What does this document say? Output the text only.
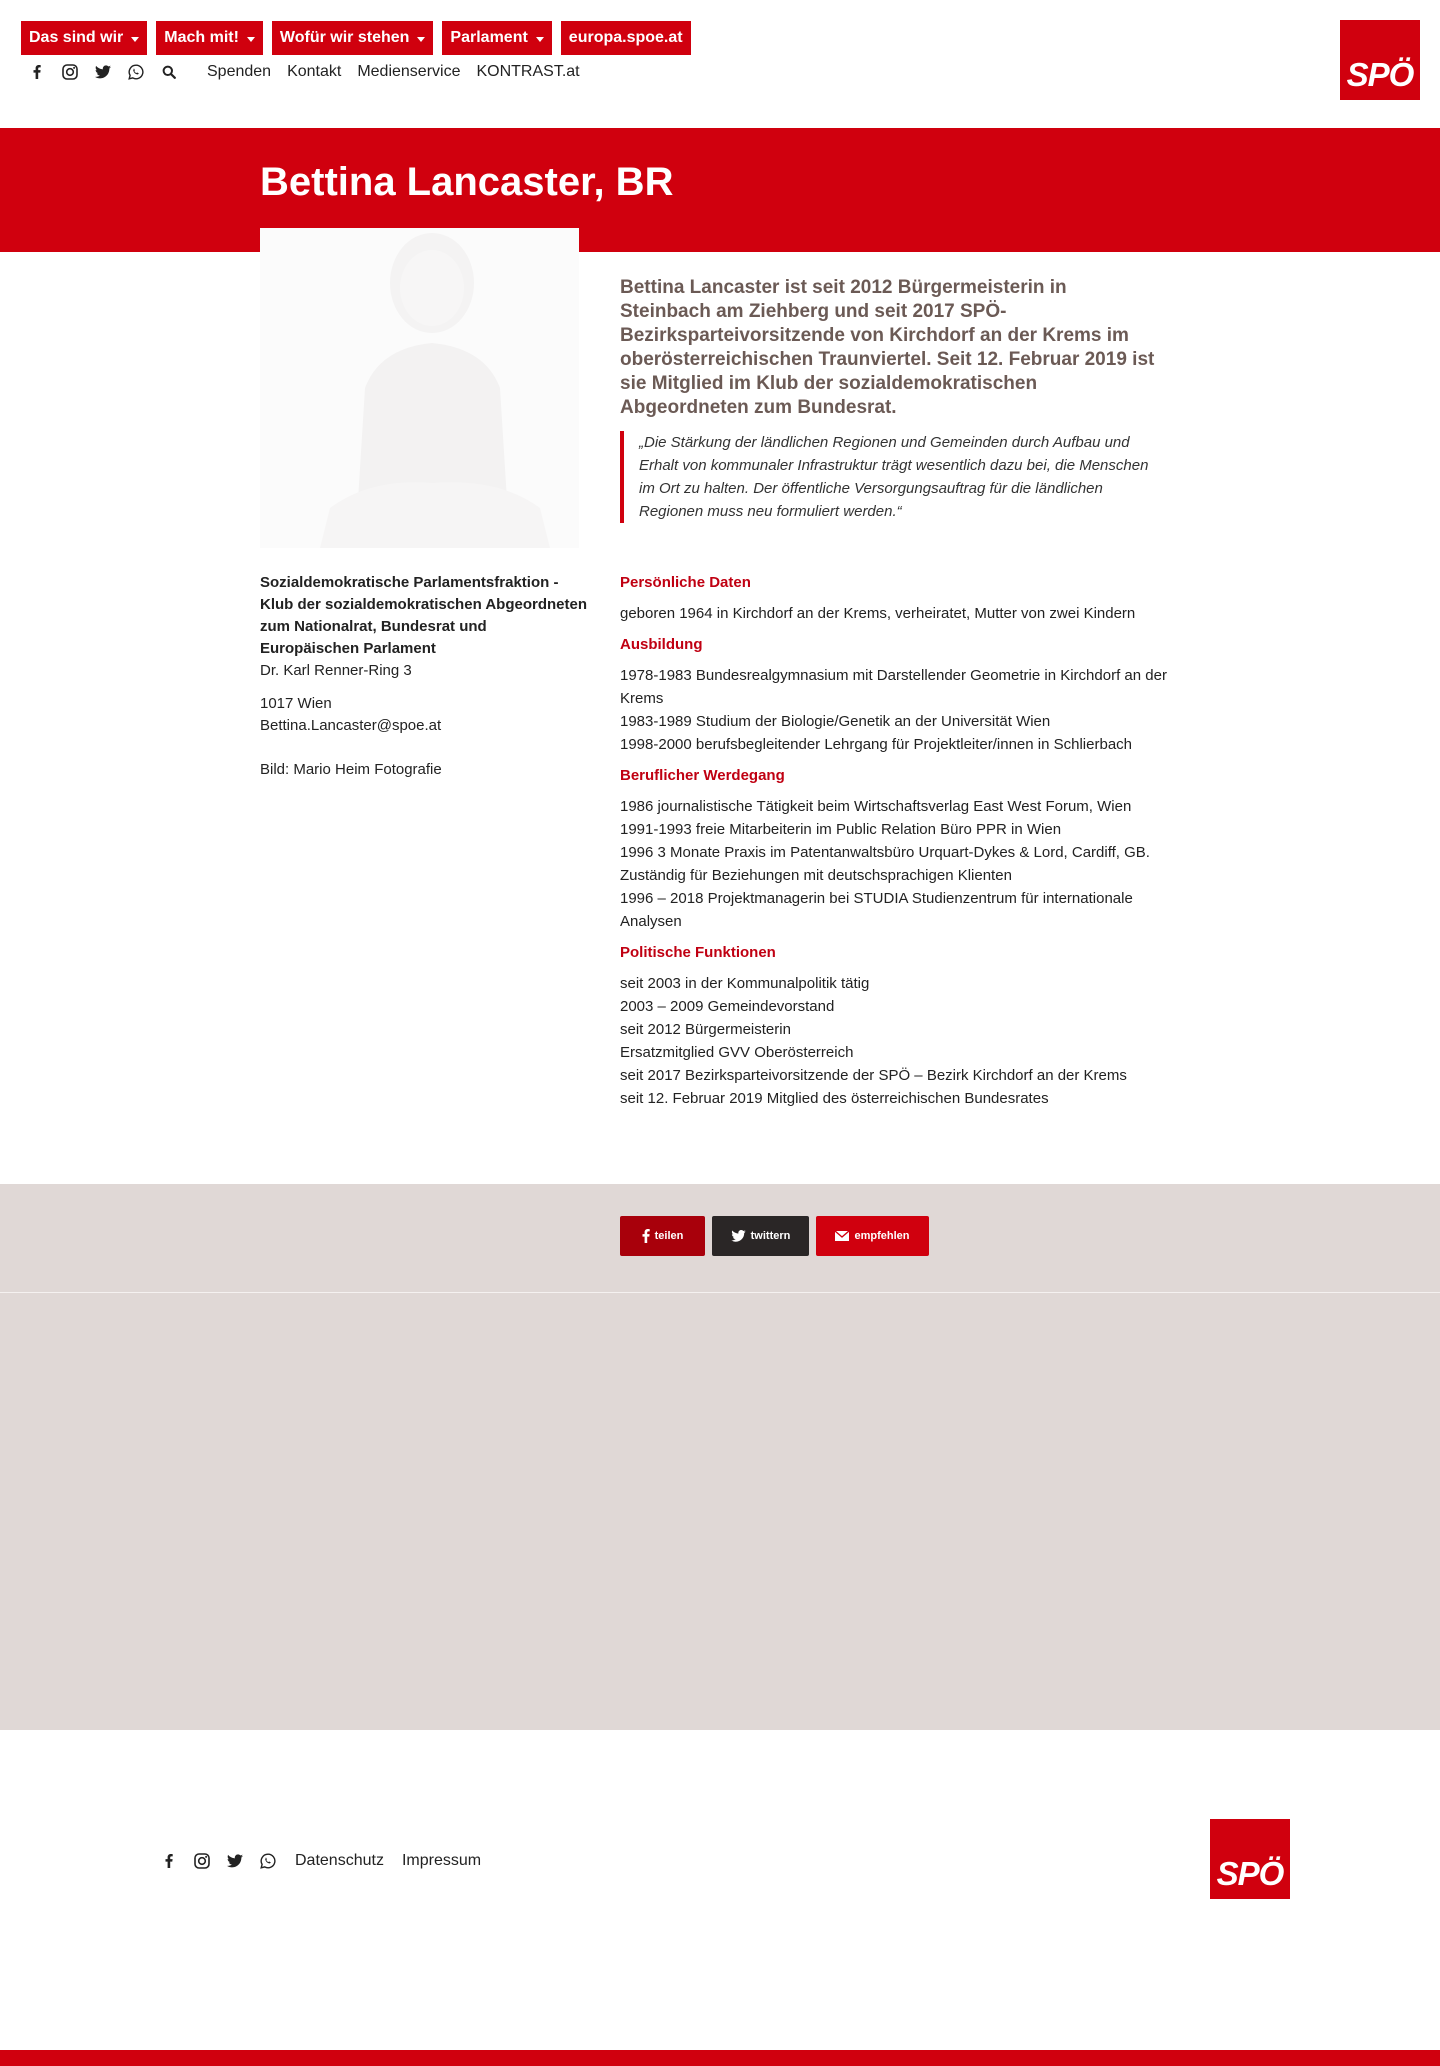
Das sind wir	Mach mit!	Wofür wir stehen	Parlament	europa.spoe.at
Spenden Kontakt Medienservice KONTRAST.at	SPÖ
Bettina Lancaster, BR
Sozialdemokratische Parlamentsfraktion - Klub der sozialdemokratischen Abgeordneten zum Nationalrat, Bundesrat und Europäischen Parlament
Dr. Karl Renner-Ring 3
1017 Wien
Bettina.Lancaster@spoe.at
Bild: Mario Heim Fotografie
Bettina Lancaster ist seit 2012 Bürgermeisterin in Steinbach am Ziehberg und seit 2017 SPÖ-Bezirksparteivorsitzende von Kirchdorf an der Krems im oberösterreichischen Traunviertel. Seit 12. Februar 2019 ist sie Mitglied im Klub der sozialdemokratischen Abgeordneten zum Bundesrat.
„Die Stärkung der ländlichen Regionen und Gemeinden durch Aufbau und Erhalt von kommunaler Infrastruktur trägt wesentlich dazu bei, die Menschen im Ort zu halten. Der öffentliche Versorgungsauftrag für die ländlichen Regionen muss neu formuliert werden.“
Persönliche Daten

geboren 1964 in Kirchdorf an der Krems, verheiratet, Mutter von zwei Kindern

Ausbildung

1978-1983 Bundesrealgymnasium mit Darstellender Geometrie in Kirchdorf an der Krems

1983-1989 Studium der Biologie/Genetik an der Universität Wien

1998-2000 berufsbegleitender Lehrgang für Projektleiter/innen in Schlierbach

Beruflicher Werdegang

1986 journalistische Tätigkeit beim Wirtschaftsverlag East West Forum, Wien

1991-1993 freie Mitarbeiterin im Public Relation Büro PPR in Wien

1996 3 Monate Praxis im Patentanwaltsbüro Urquart-Dykes & Lord, Cardiff, GB. Zuständig für Beziehungen mit deutschsprachigen Klienten

1996 – 2018 Projektmanagerin bei STUDIA Studienzentrum für internationale Analysen

Politische Funktionen

seit 2003 in der Kommunalpolitik tätig

2003 – 2009 Gemeindevorstand

seit 2012 Bürgermeisterin

Ersatzmitglied GVV Oberösterreich

seit 2017 Bezirksparteivorsitzende der SPÖ – Bezirk Kirchdorf an der Krems

seit 12. Februar 2019 Mitglied des österreichischen Bundesrates

teilen	twittern	empfehlen
Datenschutz Impressum	SPÖ
